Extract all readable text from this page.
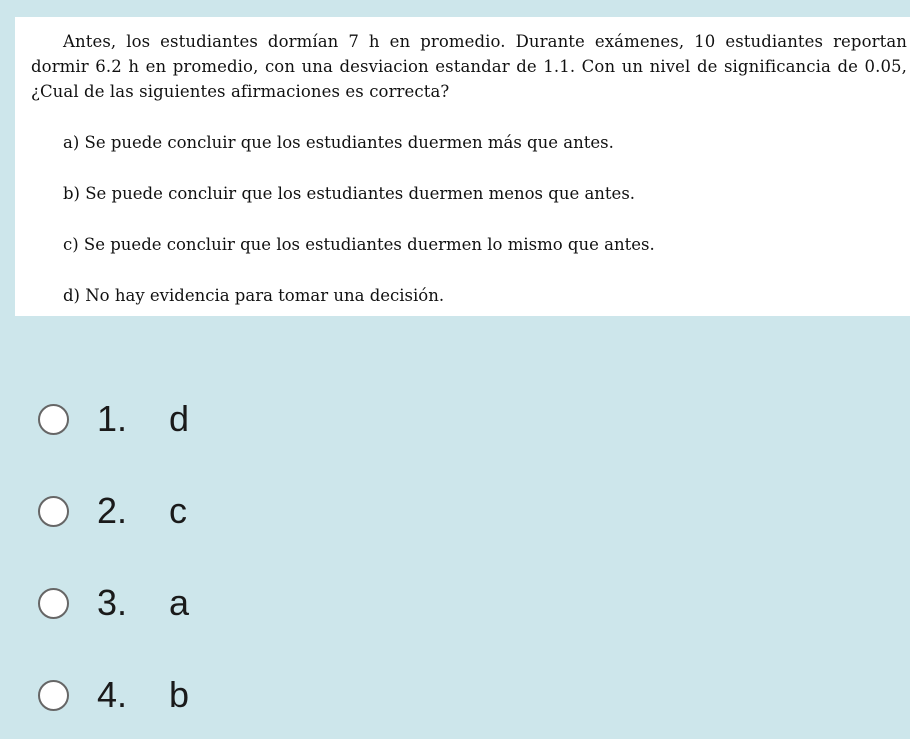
Antes, los estudiantes dormían 7 h en promedio. Durante exámenes, 10 estudiantes reportan dormir 6.2 h en promedio, con una desviacion estandar de 1.1. Con un nivel de significancia de 0.05, ¿Cual de las siguientes afirmaciones es correcta?

a) Se puede concluir que los estudiantes duermen más que antes.

b) Se puede concluir que los estudiantes duermen menos que antes.

c) Se puede concluir que los estudiantes duermen lo mismo que antes.

d) No hay evidencia para tomar una decisión.

1.	d
2.	c
3.	a
4.	b
